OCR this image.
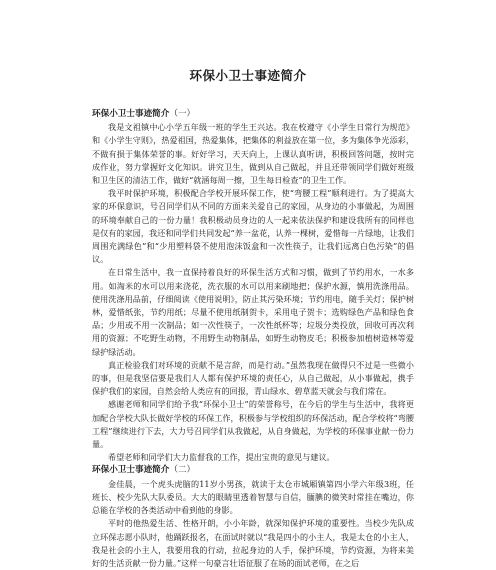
环保小卫士事迹简介

环保小卫士事迹简介（一）

我是文祖镇中心小学五年级一班的学生王兴达。我在校遵守《小学生日常行为规范》和《小学生守则》，热爱祖国，热爱集体，把集体的利益放在第一位，多为集体争光添彩，不做有损于集体荣誉的事。好好学习，天天向上，上课认真听讲，积极回答问题，按时完成作业，努力掌握好文化知识。讲究卫生，做到从自己做起，并且还带领同学们做好班级和卫生区的清洁工作，做好“就涵每周一擦，卫生每日检查”的卫生工作。

我平时保护环境，积极配合学校开展环保工作，使“弯腰工程”顺利进行。为了提高大家的环保意识，号召同学们从不同的方面来关爱自己的家园，从身边的小事做起，为周围的环境奉献自己的一份力量！我积极动员身边的人一起来依法保护和建设我所有的同样也是仅有的家园，我还和同学们共同发起“养一盆花，认养一棵树，爱惜每一片绿地，让我们周围充满绿色”和“少用塑料袋不使用泡沫饭盒和一次性筷子，让我们远离白色污染”的倡议。

在日常生活中，我一直保持着良好的环保生活方式和习惯，做到了节约用水，一水多用。如淘米的水可以用来浇花，洗衣服的水可以用来刷地把；保护水源，慎用洗涤用品。使用洗涤用品前，仔细阅读《使用说明》，防止其污染环境；节约用电，随手关灯；保护树林，爱惜纸张，节约用纸；尽量不使用纸制贺卡，采用电子贺卡；选购绿色产品和绿色食品；少用或不用一次制品；如一次性筷子，一次性纸杯等；垃圾分类投放，回收可再次利用的资源；不吃野生动物，不用野生动物制品，如野生动物皮毛；积极参加植树造林等爱绿护绿活动。

真正检验我们对环境的贡献不是言辞，而是行动。”虽然我现在做得只不过是一些微小的事，但是我坚信要是我们人人都有保护环境的责任心，从自己做起，从小事做起，携手保护我们的家园，自然会给人类应有的回报，青山绿水、碧草蓝天就会与我们常在。

感谢老师和同学们给予我“环保小卫士”的荣誉称号，在今后的学生与生活中，我将更加配合学校大队长做好学校的环保工作，积极参与学校组织的环保活动，配合学校将“弯腰工程”继续进行下去，大力号召同学们从我做起，从自身做起，为学校的环保事业献一份力量。

希望老师和同学们大力监督我的工作，提出宝贵的意见与建议。

环保小卫士事迹简介（二）

金佳晨，一个虎头虎脑的11岁小男孩，就读于太仓市城厢镇第四小学六年级3班，任班长、校少先队大队委员。大大的眼睛里透着智慧与自信，腼腆的微笑时常挂在嘴边，你总能在学校的各类活动中看到他的身影。

平时的他热爱生活、性格开朗，小小年龄，就深知保护环境的重要性。当校少先队成立环保志愿小队时，他踊跃报名，在面试时就以“我是四小的小主人，我是太仓的小主人，我是社会的小主人，我要用我的行动，拉起身边的人手，保护环境，节约资源，为将来美好的生活贡献一份力量。”这样一句豪言壮语征服了在场的面试老师，在之后
